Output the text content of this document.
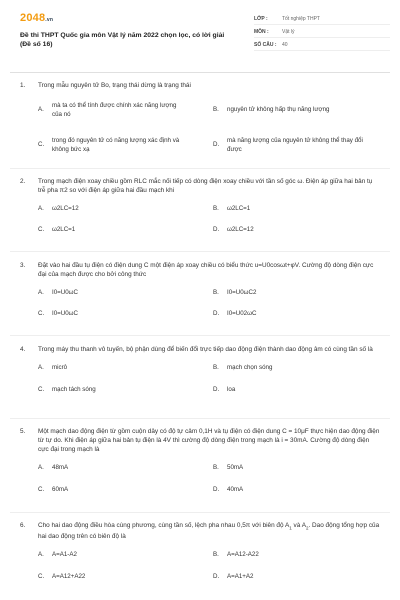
2048.vn
Đề thi THPT Quốc gia môn Vật lý năm 2022 chọn lọc, có lời giải (Đề số 16)
LỚP :	Tốt nghiệp THPT
MÔN :	Vật lý
SỐ CÂU :	40
1.	Trong mẫu nguyên tử Bo, trạng thái dừng là trạng thái
A.
mà ta có thể tính được chính xác năng lượng của nó
B.	nguyên tử không hấp thụ năng lượng
C.
trong đó nguyên tử có năng lượng xác định và không bức xạ
D.
mà năng lượng của nguyên tử không thể thay đổi được
2.	Trong mạch điện xoay chiều gồm RLC mắc nối tiếp có dòng điện xoay chiều với tần số góc ω. Điện áp giữa hai bản tụ trễ pha π2 so với điện áp giữa hai đầu mạch khi
A.	ω2LC=12	B.	ω2LC=1
C.	ω2LC=1	D.	ω2LC=12
3.	Đặt vào hai đầu tụ điện có điện dung C một điện áp xoay chiều có biểu thức u=U0cosωt+φV. Cường độ dòng điện cực đại của mạch được cho bởi công thức
A.	I0=U0ωC	B.	I0=U0ωC2
C.	I0=U0ωC	D.	I0=U02ωC
4.	Trong máy thu thanh vô tuyến, bộ phận dùng để biến đổi trực tiếp dao động điện thành dao động âm có cùng tần số là
A.	micrô	B.	mạch chọn sóng
C.	mạch tách sóng	D.	loa
5.	Một mạch dao động điện từ gồm cuộn dây có độ tự cảm 0,1H và tụ điện có điện dung C = 10μF thực hiện dao động điện từ tự do. Khi điện áp giữa hai bản tụ điện là 4V thì cường độ dòng điện trong mạch là i = 30mA. Cường độ dòng điện cực đại trong mạch là
A.	48mA	B.	50mA
C.	60mA	D.	40mA
6.	Cho hai dao động điều hòa cùng phương, cùng tần số, lệch pha nhau 0,5π với biên độ $A_1$ và $A_2$. Dao động tổng hợp của hai dao động trên có biên độ là
A.	A=A1-A2	B.	A=A12-A22
C.	A=A12+A22	D.	A=A1+A2
